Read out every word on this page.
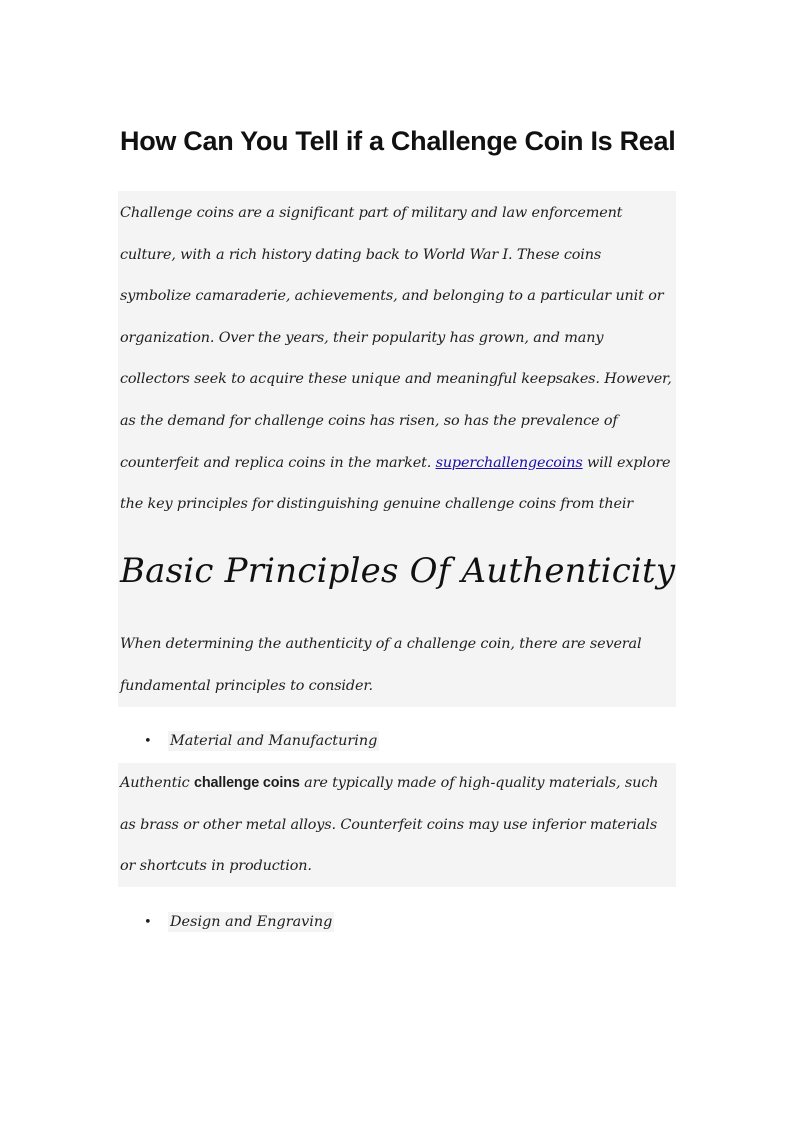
How Can You Tell if a Challenge Coin Is Real

Challenge coins are a significant part of military and law enforcement culture, with a rich history dating back to World War I. These coins symbolize camaraderie, achievements, and belonging to a particular unit or organization. Over the years, their popularity has grown, and many collectors seek to acquire these unique and meaningful keepsakes. However, as the demand for challenge coins has risen, so has the prevalence of counterfeit and replica coins in the market. superchallengecoins will explore the key principles for distinguishing genuine challenge coins from their

Basic Principles Of Authenticity

When determining the authenticity of a challenge coin, there are several fundamental principles to consider.

•	Material and Manufacturing

Authentic challenge coins are typically made of high-quality materials, such as brass or other metal alloys. Counterfeit coins may use inferior materials or shortcuts in production.

•	Design and Engraving
